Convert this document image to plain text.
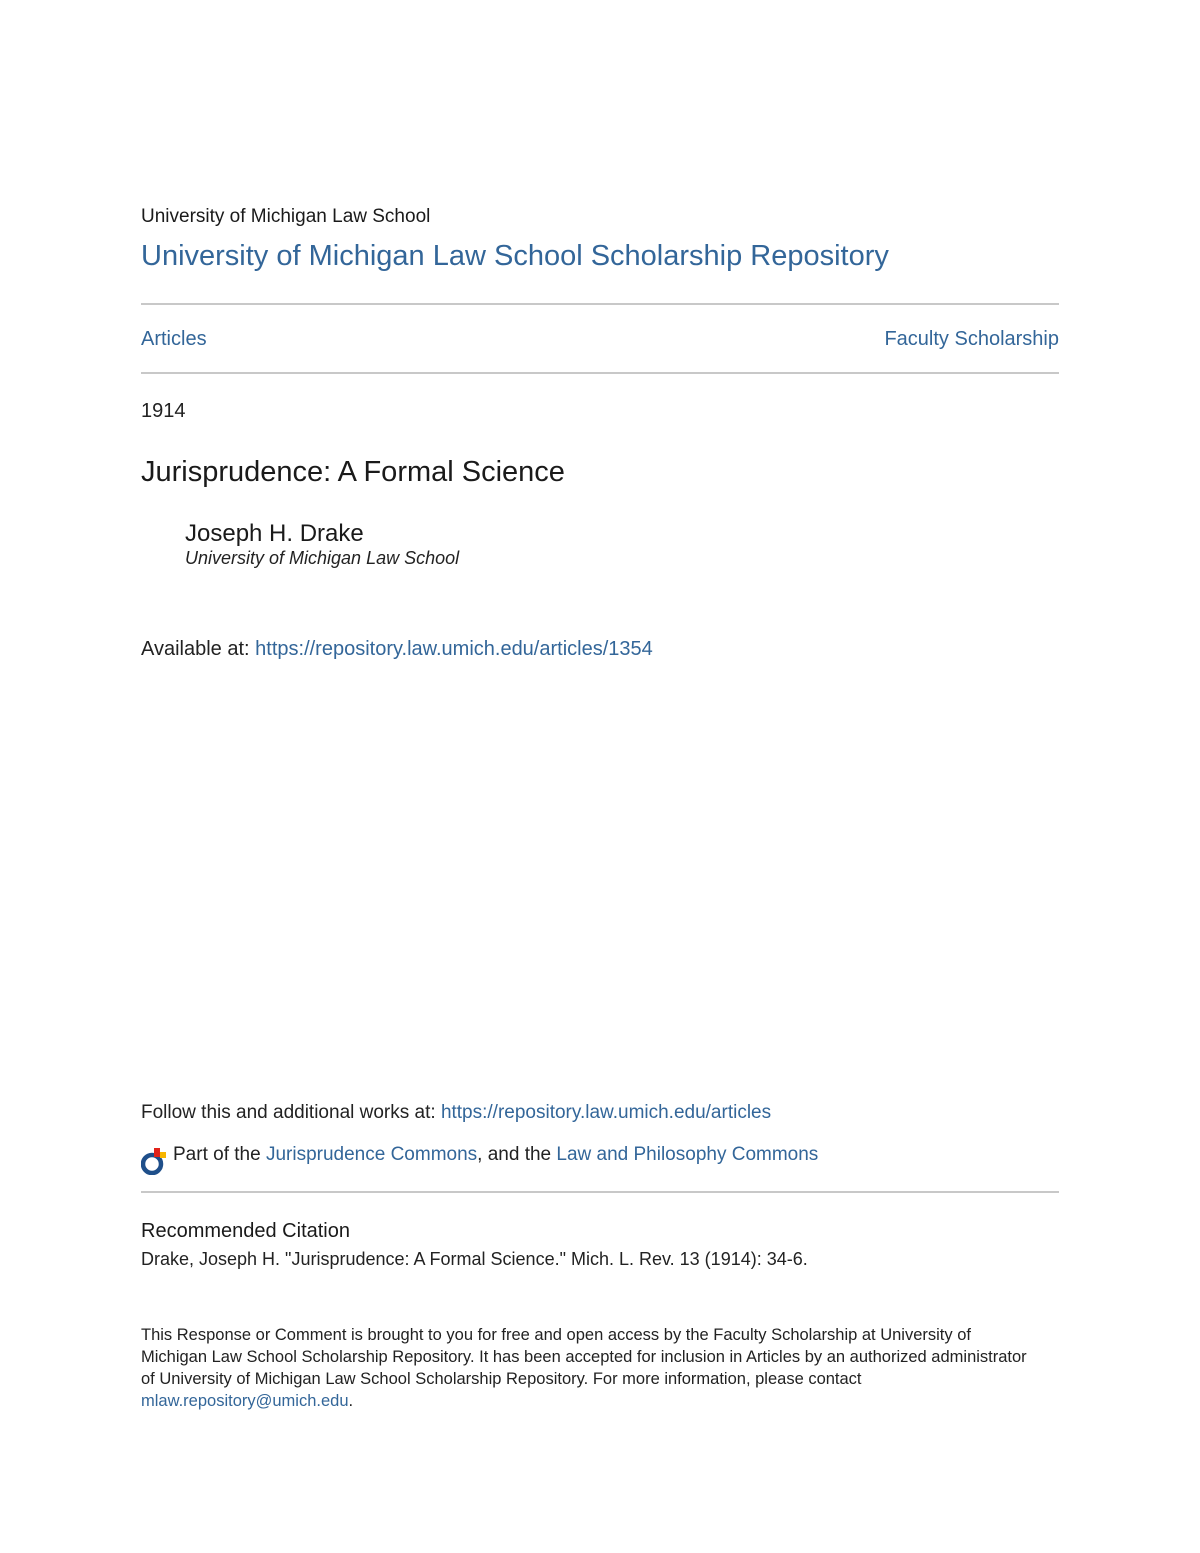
University of Michigan Law School
University of Michigan Law School Scholarship Repository
Articles	Faculty Scholarship
1914
Jurisprudence: A Formal Science
Joseph H. Drake
University of Michigan Law School
Available at: https://repository.law.umich.edu/articles/1354
Follow this and additional works at: https://repository.law.umich.edu/articles
Part of the Jurisprudence Commons, and the Law and Philosophy Commons
Recommended Citation
Drake, Joseph H. "Jurisprudence: A Formal Science." Mich. L. Rev. 13 (1914): 34-6.
This Response or Comment is brought to you for free and open access by the Faculty Scholarship at University of Michigan Law School Scholarship Repository. It has been accepted for inclusion in Articles by an authorized administrator of University of Michigan Law School Scholarship Repository. For more information, please contact mlaw.repository@umich.edu.
